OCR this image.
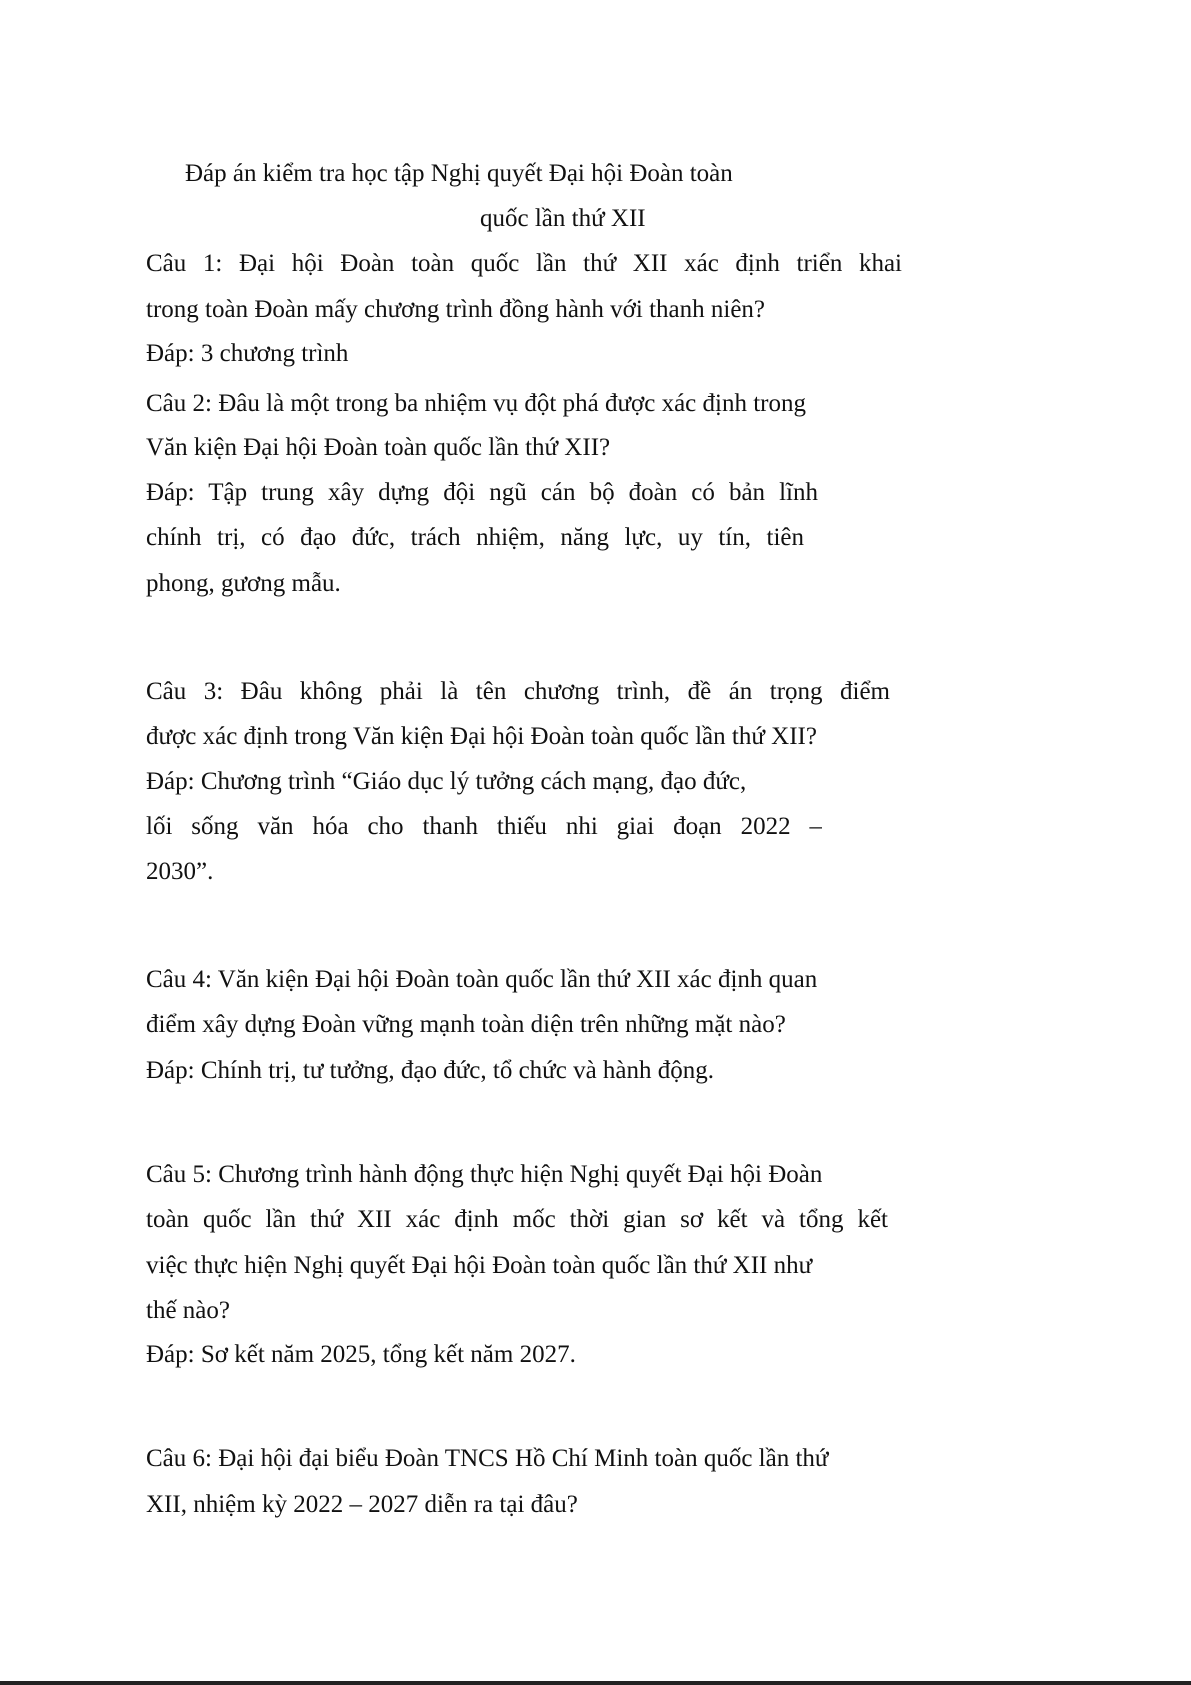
Đáp án kiểm tra học tập Nghị quyết Đại hội Đoàn toàn
quốc lần thứ XII
Câu 1: Đại hội Đoàn toàn quốc lần thứ XII xác định triển khai
trong toàn Đoàn mấy chương trình đồng hành với thanh niên?
Đáp: 3 chương trình
Câu 2: Đâu là một trong ba nhiệm vụ đột phá được xác định trong
Văn kiện Đại hội Đoàn toàn quốc lần thứ XII?
Đáp: Tập trung xây dựng đội ngũ cán bộ đoàn có bản lĩnh
chính trị, có đạo đức, trách nhiệm, năng lực, uy tín, tiên
phong, gương mẫu.
Câu 3: Đâu không phải là tên chương trình, đề án trọng điểm
được xác định trong Văn kiện Đại hội Đoàn toàn quốc lần thứ XII?
Đáp: Chương trình “Giáo dục lý tưởng cách mạng, đạo đức,
lối sống văn hóa cho thanh thiếu nhi giai đoạn 2022 –
2030”.
Câu 4: Văn kiện Đại hội Đoàn toàn quốc lần thứ XII xác định quan
điểm xây dựng Đoàn vững mạnh toàn diện trên những mặt nào?
Đáp: Chính trị, tư tưởng, đạo đức, tổ chức và hành động.
Câu 5: Chương trình hành động thực hiện Nghị quyết Đại hội Đoàn
toàn quốc lần thứ XII xác định mốc thời gian sơ kết và tổng kết
việc thực hiện Nghị quyết Đại hội Đoàn toàn quốc lần thứ XII như
thế nào?
Đáp: Sơ kết năm 2025, tổng kết năm 2027.
Câu 6: Đại hội đại biểu Đoàn TNCS Hồ Chí Minh toàn quốc lần thứ
XII, nhiệm kỳ 2022 – 2027 diễn ra tại đâu?
